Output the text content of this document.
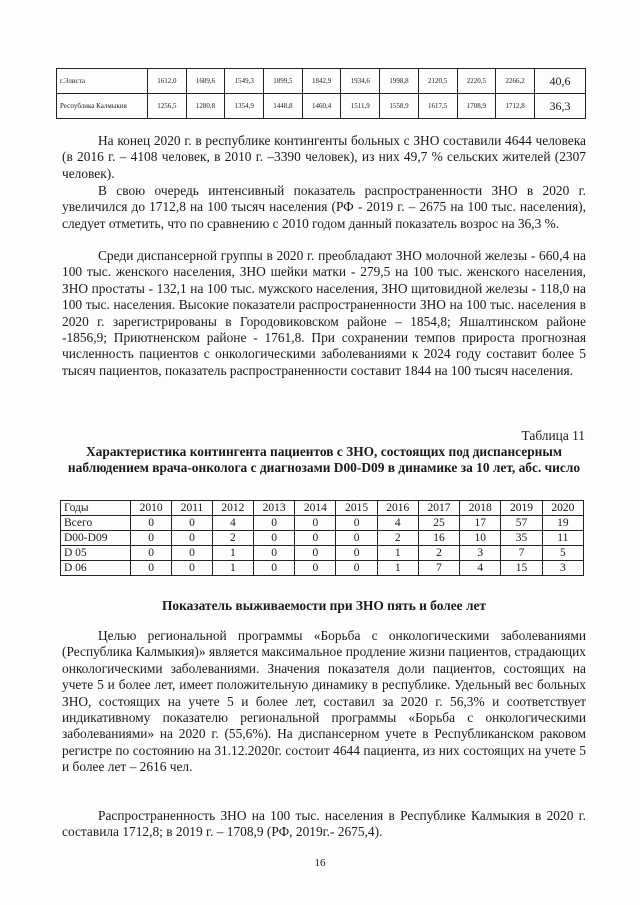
г.Элиста	1612,0	1689,6	1549,3	1899,5	1842,9	1934,6	1998,8	2120,5	2220,5	2266,2	40,6
Республика Калмыкия	1256,5	1280,8	1354,9	1448,8	1460,4	1511,9	1558,9	1617,5	1708,9	1712,8	36,3

На конец 2020 г. в республике контингенты больных с ЗНО составили 4644 человека (в 2016 г. – 4108 человек, в 2010 г. –3390 человек), из них 49,7 % сельских жителей (2307 человек).

В свою очередь интенсивный показатель распространенности ЗНО в 2020 г. увеличился до 1712,8 на 100 тысяч населения (РФ - 2019 г. – 2675 на 100 тыс. населения), следует отметить, что по сравнению с 2010 годом данный показатель возрос на 36,3 %.

Среди диспансерной группы в 2020 г. преобладают ЗНО молочной железы - 660,4 на 100 тыс. женского населения, ЗНО шейки матки - 279,5 на 100 тыс. женского населения, ЗНО простаты - 132,1 на 100 тыс. мужского населения, ЗНО щитовидной железы - 118,0 на 100 тыс. населения. Высокие показатели распространенности ЗНО на 100 тыс. населения в 2020 г. зарегистрированы в Городовиковском районе – 1854,8; Яшалтинском районе -1856,9; Приютненском районе - 1761,8. При сохранении темпов прироста прогнозная численность пациентов с онкологическими заболеваниями к 2024 году составит более 5 тысяч пациентов, показатель распространенности составит 1844 на 100 тысяч населения.

Таблица 11

Характеристика контингента пациентов с ЗНО, состоящих под диспансерным наблюдением врача-онколога с диагнозами D00-D09 в динамике за 10 лет, абс. число

Годы	2010	2011	2012	2013	2014	2015	2016	2017	2018	2019	2020
Всего	0	0	4	0	0	0	4	25	17	57	19
D00-D09	0	0	2	0	0	0	2	16	10	35	11
D 05	0	0	1	0	0	0	1	2	3	7	5
D 06	0	0	1	0	0	0	1	7	4	15	3

Показатель выживаемости при ЗНО пять и более лет

Целью региональной программы «Борьба с онкологическими заболеваниями (Республика Калмыкия)» является максимальное продление жизни пациентов, страдающих онкологическими заболеваниями. Значения показателя доли пациентов, состоящих на учете 5 и более лет, имеет положительную динамику в республике. Удельный вес больных ЗНО, состоящих на учете 5 и более лет, составил за 2020 г. 56,3% и соответствует индикативному показателю региональной программы «Борьба с онкологическими заболеваниями» на 2020 г. (55,6%). На диспансерном учете в Республиканском раковом регистре по состоянию на 31.12.2020г. состоит 4644 пациента, из них состоящих на учете 5 и более лет – 2616 чел.

Распространенность ЗНО на 100 тыс. населения в Республике Калмыкия в 2020 г. составила 1712,8; в 2019 г. – 1708,9 (РФ, 2019г.- 2675,4).

16
